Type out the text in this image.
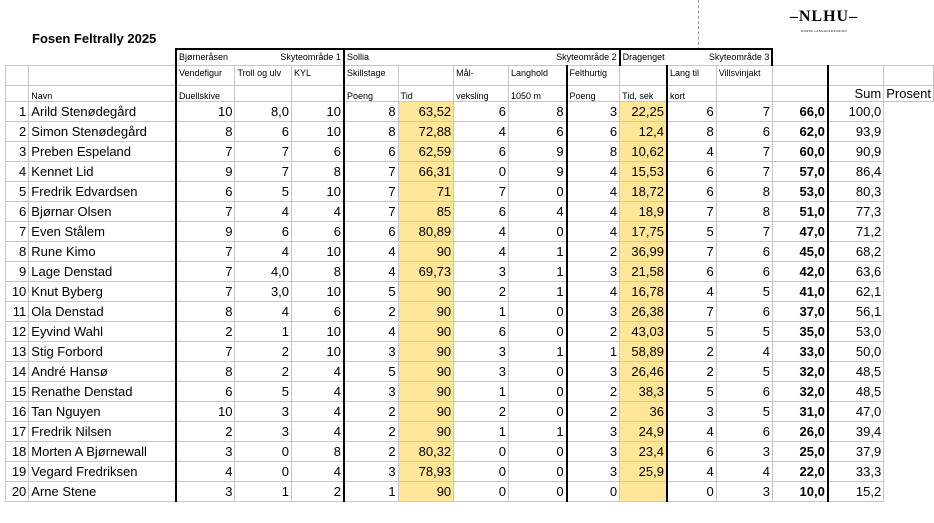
Fosen Feltrally 2025
–NLHU–
NORSK LANGHOLDSUNION

		Bjørneråsen Skyteområde 1			Sollia Skyteområde 2					Dragenget Skyteområde 3					

		Vendefigur	Troll og ulv	KYL	Skillstage		Mål-	Langhold	Felthurtig		Lang til	Villsvinjakt			
	Navn	Duellskive			Poeng	Tid	veksling	1050 m	Poeng	Tid, sek	kort			Sum	Prosent
1	Arild Stenødegård	10	8,0	10	8	63,52	6	8	3	22,25	6	7	66,0	100,0	
2	Simon Stenødegård	8	6	10	8	72,88	4	6	6	12,4	8	6	62,0	93,9	
3	Preben Espeland	7	7	6	6	62,59	6	9	8	10,62	4	7	60,0	90,9	
4	Kennet Lid	9	7	8	7	66,31	0	9	4	15,53	6	7	57,0	86,4	
5	Fredrik Edvardsen	6	5	10	7	71	7	0	4	18,72	6	8	53,0	80,3	
6	Bjørnar Olsen	7	4	4	7	85	6	4	4	18,9	7	8	51,0	77,3	
7	Even Stålem	9	6	6	6	80,89	4	0	4	17,75	5	7	47,0	71,2	
8	Rune Kimo	7	4	10	4	90	4	1	2	36,99	7	6	45,0	68,2	
9	Lage Denstad	7	4,0	8	4	69,73	3	1	3	21,58	6	6	42,0	63,6	
10	Knut Byberg	7	3,0	10	5	90	2	1	4	16,78	4	5	41,0	62,1	
11	Ola Denstad	8	4	6	2	90	1	0	3	26,38	7	6	37,0	56,1	
12	Eyvind Wahl	2	1	10	4	90	6	0	2	43,03	5	5	35,0	53,0	
13	Stig Forbord	7	2	10	3	90	3	1	1	58,89	2	4	33,0	50,0	
14	André Hansø	8	2	4	5	90	3	0	3	26,46	2	5	32,0	48,5	
15	Renathe Denstad	6	5	4	3	90	1	0	2	38,3	5	6	32,0	48,5	
16	Tan Nguyen	10	3	4	2	90	2	0	2	36	3	5	31,0	47,0	
17	Fredrik Nilsen	2	3	4	2	90	1	1	3	24,9	4	6	26,0	39,4	
18	Morten A Bjørnewall	3	0	8	2	80,32	0	0	3	23,4	6	3	25,0	37,9	
19	Vegard Fredriksen	4	0	4	3	78,93	0	0	3	25,9	4	4	22,0	33,3	
20	Arne Stene	3	1	2	1	90	0	0	0		0	3	10,0	15,2	
